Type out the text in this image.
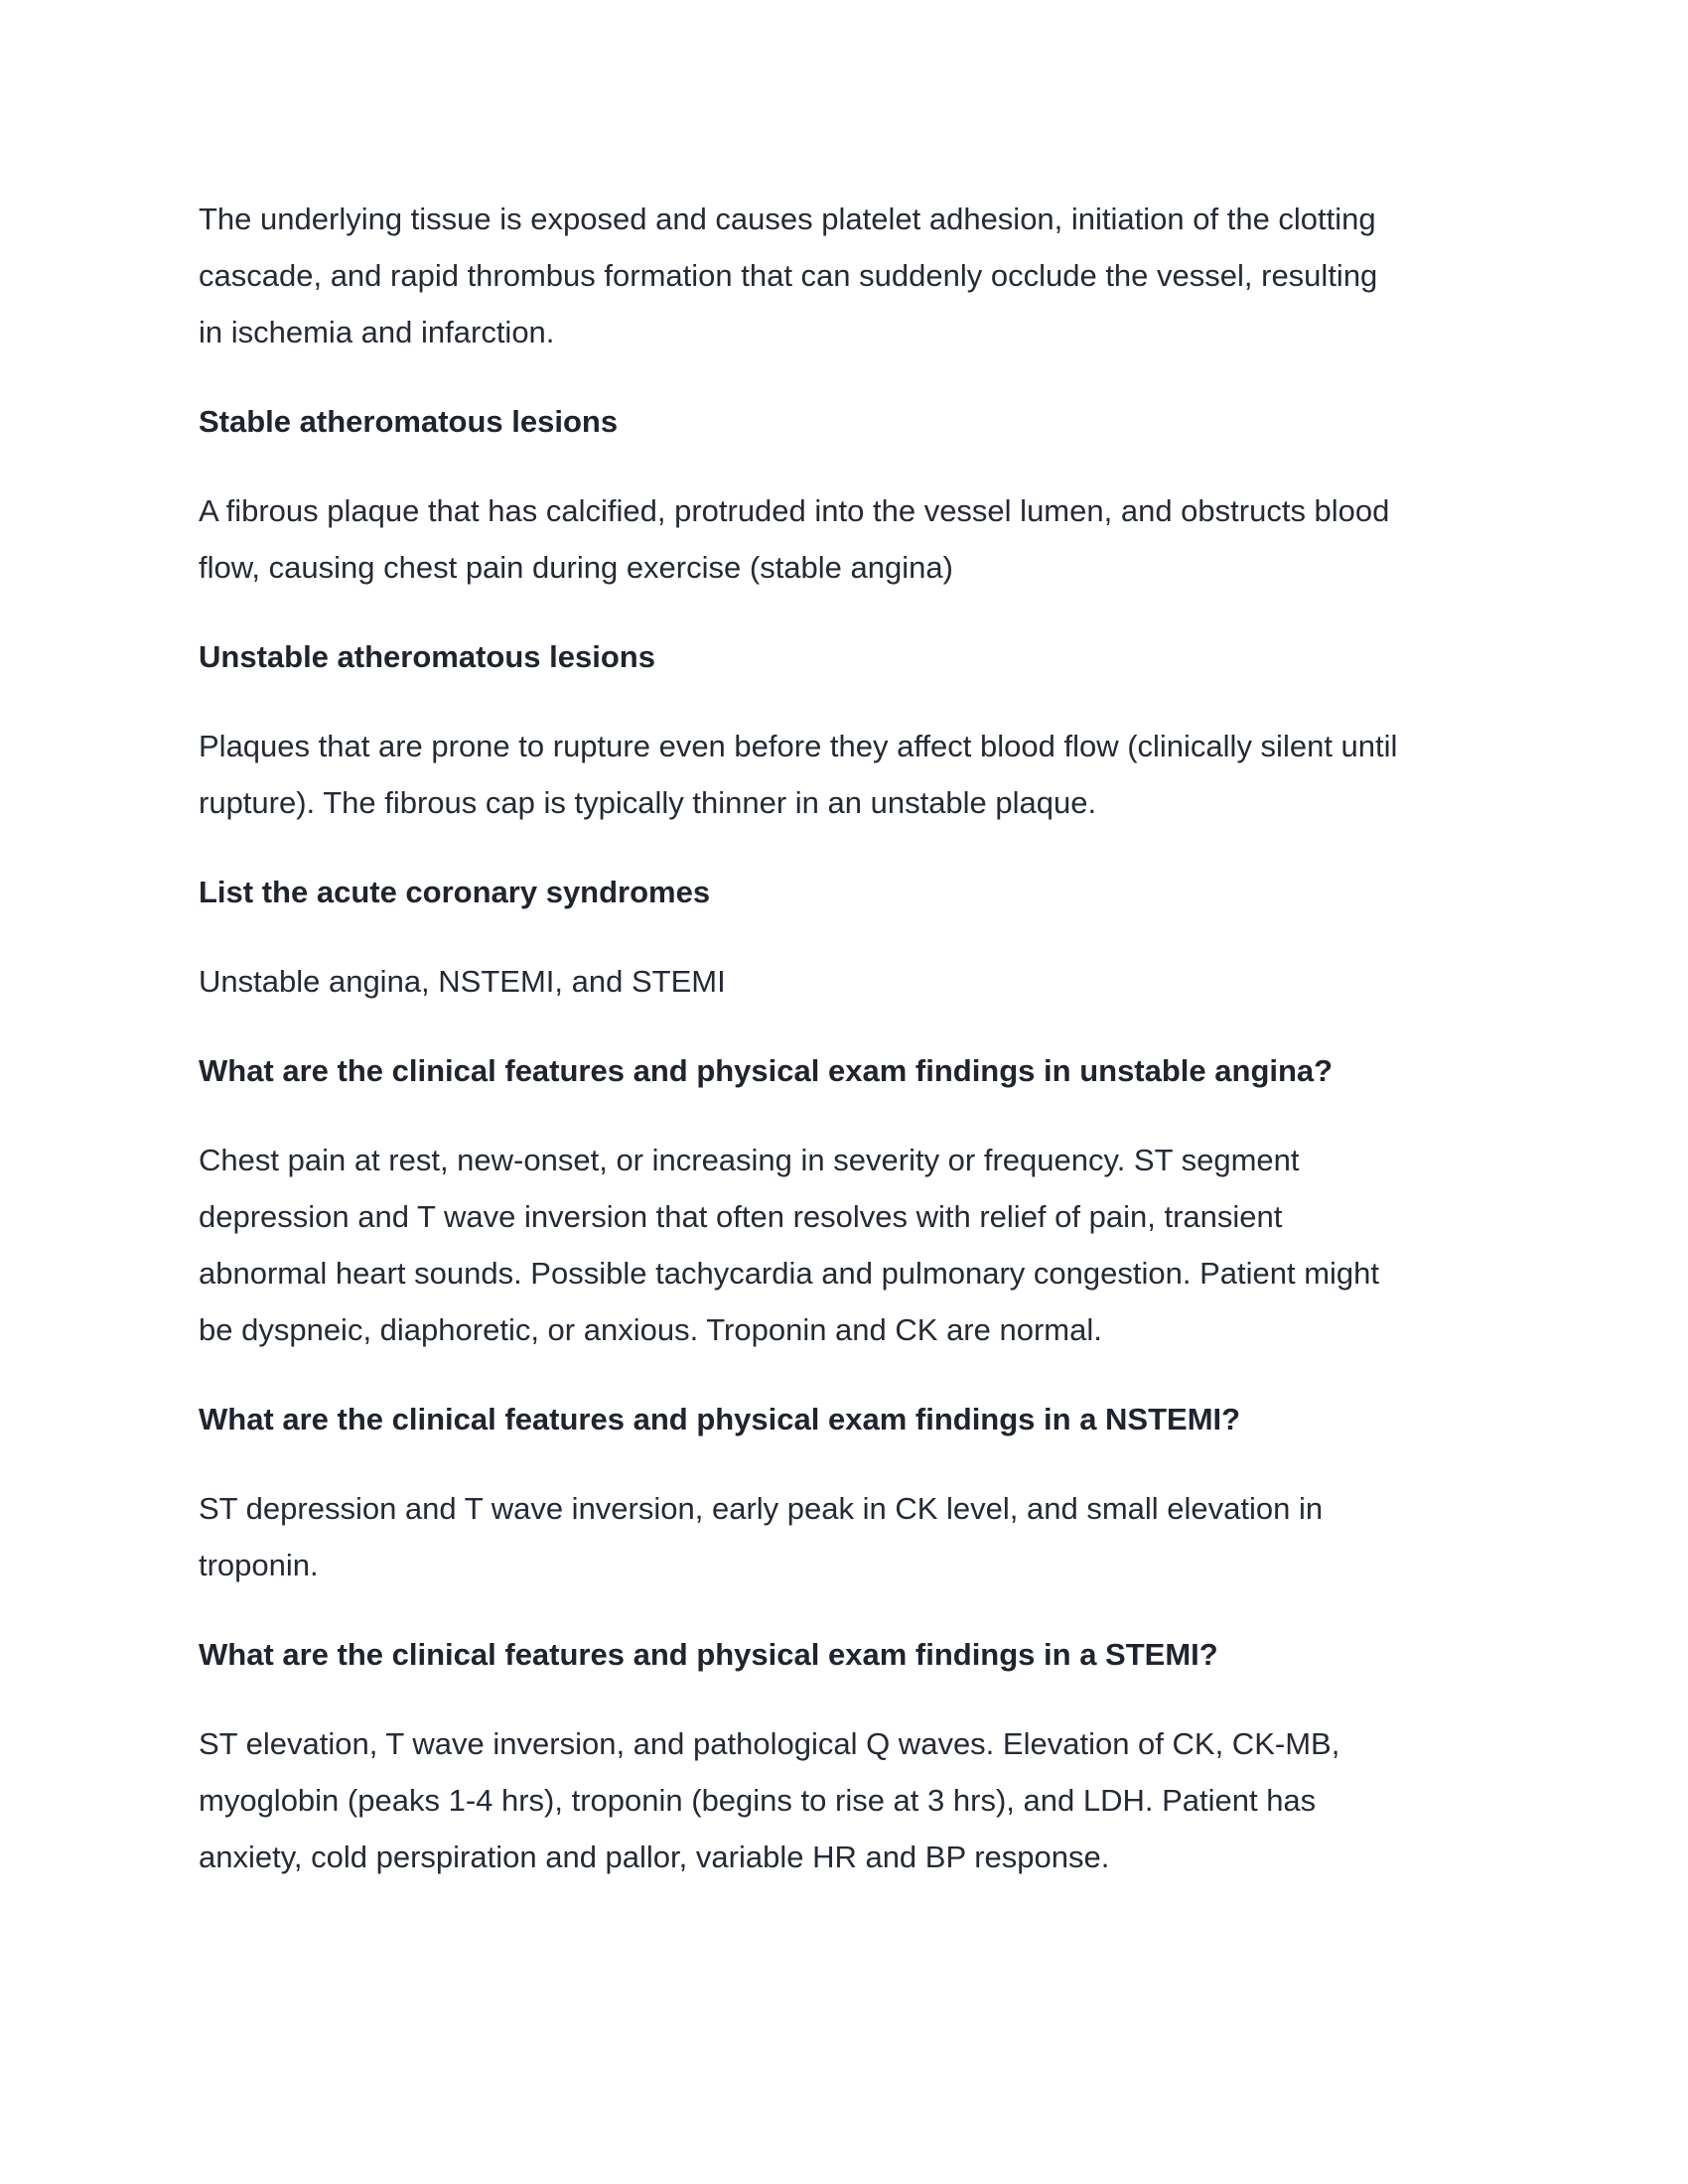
The underlying tissue is exposed and causes platelet adhesion, initiation of the clotting
cascade, and rapid thrombus formation that can suddenly occlude the vessel, resulting
in ischemia and infarction.

Stable atheromatous lesions

A fibrous plaque that has calcified, protruded into the vessel lumen, and obstructs blood
flow, causing chest pain during exercise (stable angina)

Unstable atheromatous lesions

Plaques that are prone to rupture even before they affect blood flow (clinically silent until
rupture). The fibrous cap is typically thinner in an unstable plaque.

List the acute coronary syndromes

Unstable angina, NSTEMI, and STEMI

What are the clinical features and physical exam findings in unstable angina?

Chest pain at rest, new-onset, or increasing in severity or frequency. ST segment
depression and T wave inversion that often resolves with relief of pain, transient
abnormal heart sounds. Possible tachycardia and pulmonary congestion. Patient might
be dyspneic, diaphoretic, or anxious. Troponin and CK are normal.

What are the clinical features and physical exam findings in a NSTEMI?

ST depression and T wave inversion, early peak in CK level, and small elevation in
troponin.

What are the clinical features and physical exam findings in a STEMI?

ST elevation, T wave inversion, and pathological Q waves. Elevation of CK, CK-MB,
myoglobin (peaks 1-4 hrs), troponin (begins to rise at 3 hrs), and LDH. Patient has
anxiety, cold perspiration and pallor, variable HR and BP response.
